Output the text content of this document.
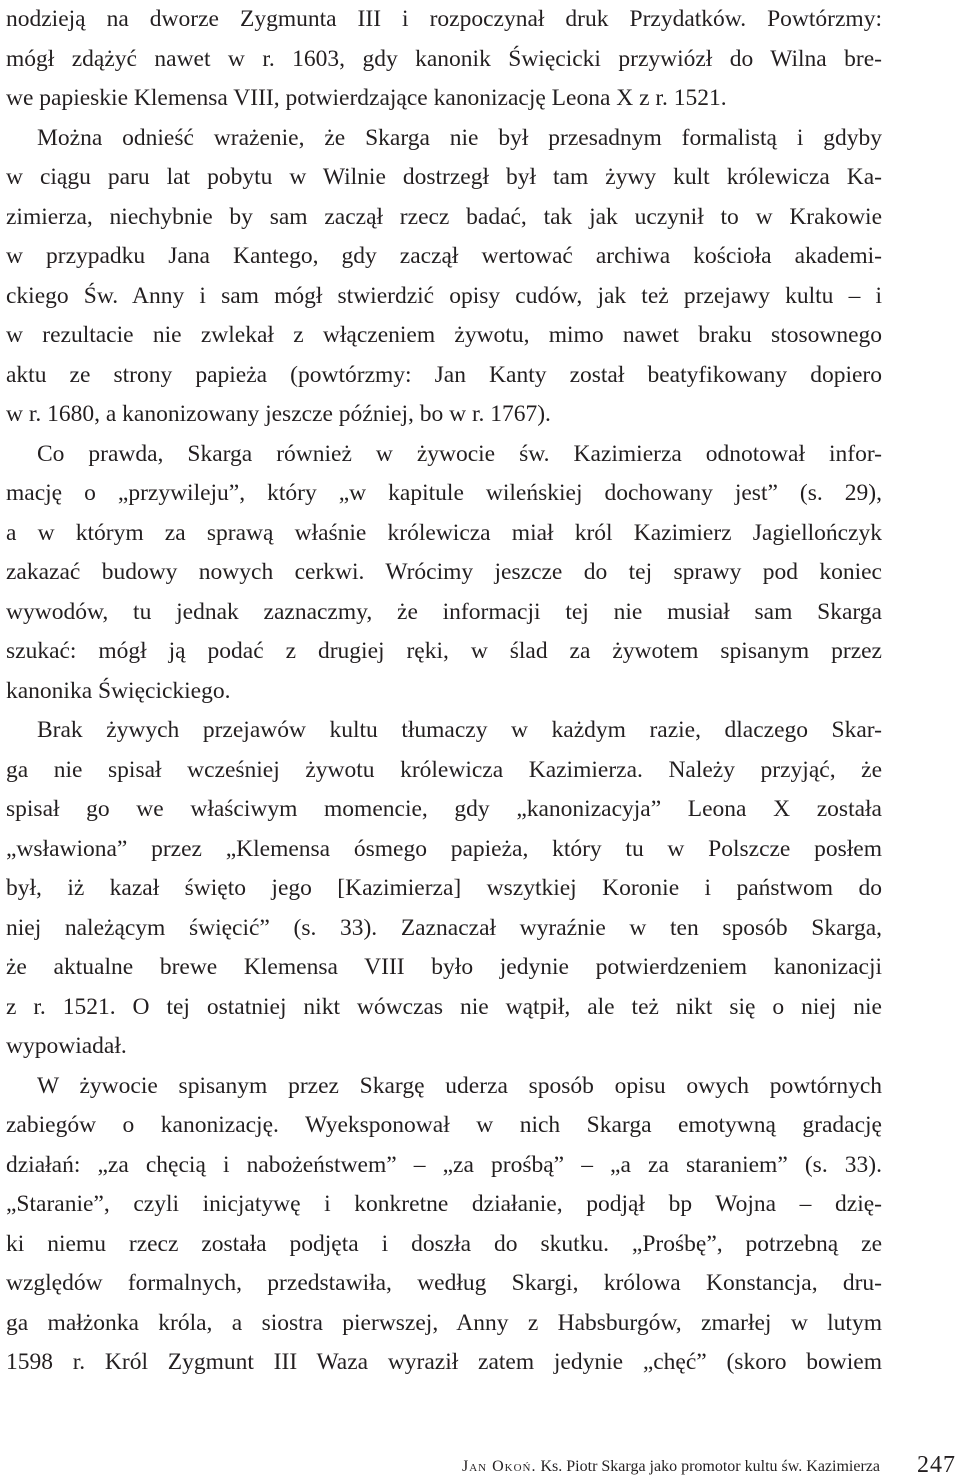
nodzieją na dworze Zygmunta III i rozpoczynał druk Przydatków. Powtórzmy:
mógł zdążyć nawet w r. 1603, gdy kanonik Święcicki przywiózł do Wilna bre-
we papieskie Klemensa VIII, potwierdzające kanonizację Leona X z r. 1521.
Można odnieść wrażenie, że Skarga nie był przesadnym formalistą i gdyby
w ciągu paru lat pobytu w Wilnie dostrzegł był tam żywy kult królewicza Ka-
zimierza, niechybnie by sam zaczął rzecz badać, tak jak uczynił to w Krakowie
w przypadku Jana Kantego, gdy zaczął wertować archiwa kościoła akademi-
ckiego Św. Anny i sam mógł stwierdzić opisy cudów, jak też przejawy kultu – i
w rezultacie nie zwlekał z włączeniem żywotu, mimo nawet braku stosownego
aktu ze strony papieża (powtórzmy: Jan Kanty został beatyfikowany dopiero
w r. 1680, a kanonizowany jeszcze później, bo w r. 1767).
Co prawda, Skarga również w żywocie św. Kazimierza odnotował infor-
mację o „przywileju”, który „w kapitule wileńskiej dochowany jest” (s. 29),
a w którym za sprawą właśnie królewicza miał król Kazimierz Jagiellończyk
zakazać budowy nowych cerkwi. Wrócimy jeszcze do tej sprawy pod koniec
wywodów, tu jednak zaznaczmy, że informacji tej nie musiał sam Skarga
szukać: mógł ją podać z drugiej ręki, w ślad za żywotem spisanym przez
kanonika Święcickiego.
Brak żywych przejawów kultu tłumaczy w każdym razie, dlaczego Skar-
ga nie spisał wcześniej żywotu królewicza Kazimierza. Należy przyjąć, że
spisał go we właściwym momencie, gdy „kanonizacyja” Leona X została
„wsławiona” przez „Klemensa ósmego papieża, który tu w Polszcze posłem
był, iż kazał święto jego [Kazimierza] wszytkiej Koronie i państwom do
niej należącym święcić” (s. 33). Zaznaczał wyraźnie w ten sposób Skarga,
że aktualne brewe Klemensa VIII było jedynie potwierdzeniem kanonizacji
z r. 1521. O tej ostatniej nikt wówczas nie wątpił, ale też nikt się o niej nie
wypowiadał.
W żywocie spisanym przez Skargę uderza sposób opisu owych powtórnych
zabiegów o kanonizację. Wyeksponował w nich Skarga emotywną gradację
działań: „za chęcią i nabożeństwem” – „za prośbą” – „a za staraniem” (s. 33).
„Staranie”, czyli inicjatywę i konkretne działanie, podjął bp Wojna – dzię-
ki niemu rzecz została podjęta i doszła do skutku. „Prośbę”, potrzebną ze
względów formalnych, przedstawiła, według Skargi, królowa Konstancja, dru-
ga małżonka króla, a siostra pierwszej, Anny z Habsburgów, zmarłej w lutym
1598 r. Król Zygmunt III Waza wyraził zatem jedynie „chęć” (skoro bowiem
Jan Okoń. Ks. Piotr Skarga jako promotor kultu św. Kazimierza 247
